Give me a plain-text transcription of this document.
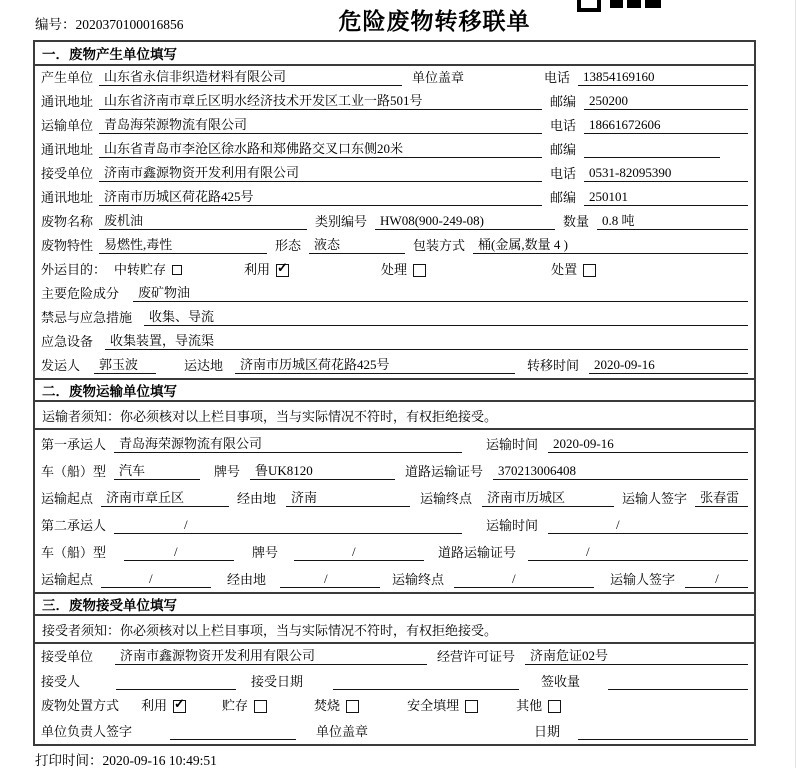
编号：2020370100016856	危险废物转移联单
一．废物产生单位填写
产生单位 山东省永信非织造材料有限公司	单位盖章	电话	13854169160
通讯地址 山东省济南市章丘区明水经济技术开发区工业一路501号	邮编	250200
运输单位 青岛海荣源物流有限公司	电话	18661672606
通讯地址 山东省青岛市李沧区徐水路和郑佛路交叉口东侧20米	邮编
接受单位 济南市鑫源物资开发利用有限公司	电话	0531-82095390
通讯地址 济南市历城区荷花路425号	邮编	250101
废物名称 废机油	类别编号	HW08(900-249-08)	数量	0.8 吨
废物特性 易燃性,毒性	形态	液态	包装方式	桶(金属,数量 4 )
外运目的： 中转贮存	利用 ✓	处理	处置
主要危险成分	废矿物油
禁忌与应急措施	收集、导流
应急设备	收集装置，导流渠
发运人	郭玉波	运达地	济南市历城区荷花路425号	转移时间	2020-09-16
二．废物运输单位填写
运输者须知：你必须核对以上栏目事项，当与实际情况不符时，有权拒绝接受。
第一承运人	青岛海荣源物流有限公司	运输时间	2020-09-16
车（船）型	汽车	牌号	鲁UK8120	道路运输证号	370213006408
运输起点	济南市章丘区	经由地	济南	运输终点	济南市历城区	运输人签字	张春雷
第二承运人	/	运输时间	/
车（船）型	/	牌号	/	道路运输证号	/
运输起点	/	经由地	/	运输终点	/	运输人签字	/
三．废物接受单位填写
接受者须知：你必须核对以上栏目事项，当与实际情况不符时，有权拒绝接受。
接受单位	济南市鑫源物资开发利用有限公司	经营许可证号	济南危证02号
接受人	接受日期	签收量
废物处置方式 利用 ✓	贮存	焚烧	安全填埋	其他
单位负责人签字	单位盖章	日期
打印时间：2020-09-16 10:49:51
